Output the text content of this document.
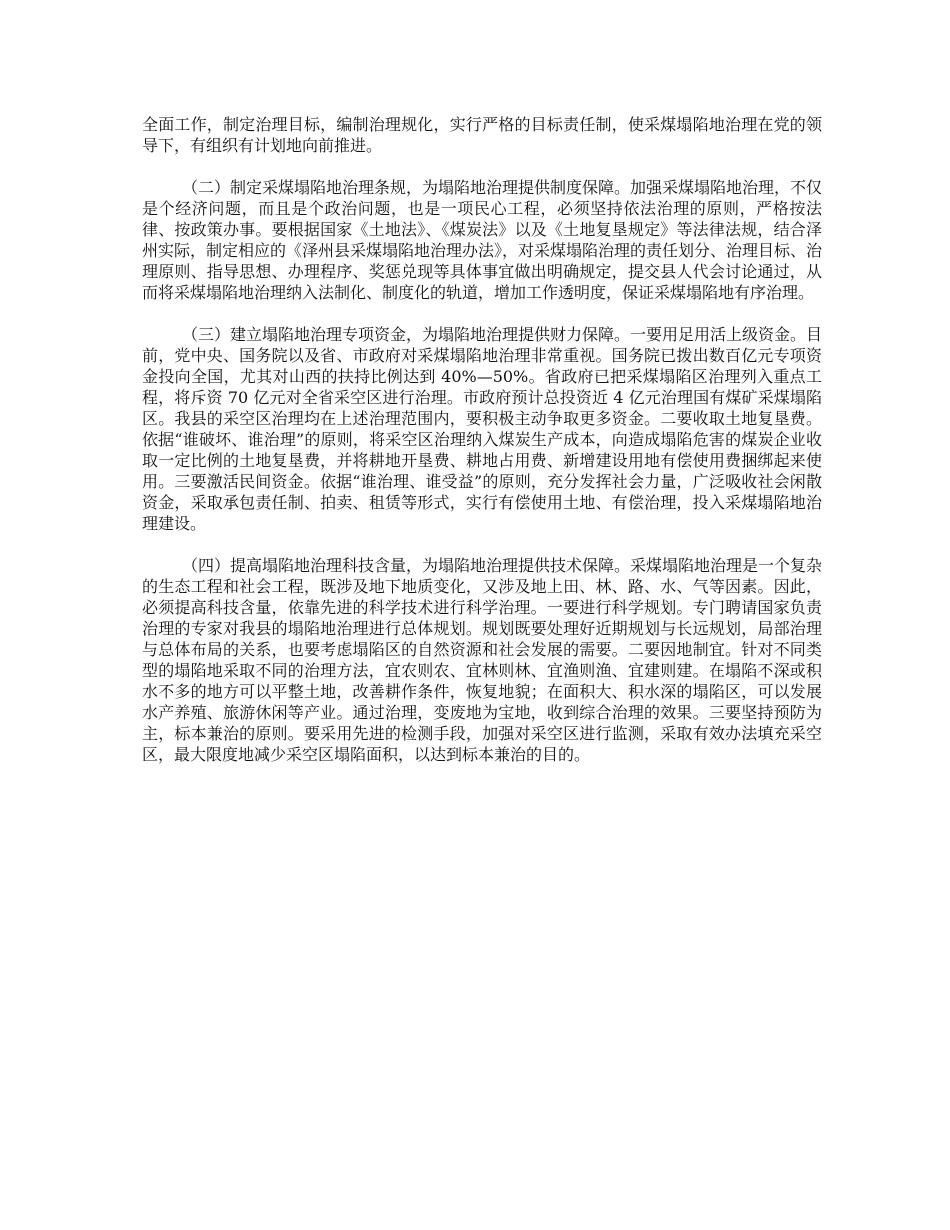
全面工作，制定治理目标，编制治理规化，实行严格的目标责任制，使采煤塌陷地治理在党的领导下，有组织有计划地向前推进。

（二）制定采煤塌陷地治理条规，为塌陷地治理提供制度保障。加强采煤塌陷地治理，不仅是个经济问题，而且是个政治问题，也是一项民心工程，必须坚持依法治理的原则，严格按法律、按政策办事。要根据国家《土地法》、《煤炭法》以及《土地复垦规定》等法律法规，结合泽州实际，制定相应的《泽州县采煤塌陷地治理办法》，对采煤塌陷治理的责任划分、治理目标、治理原则、指导思想、办理程序、奖惩兑现等具体事宜做出明确规定，提交县人代会讨论通过，从而将采煤塌陷地治理纳入法制化、制度化的轨道，增加工作透明度，保证采煤塌陷地有序治理。

（三）建立塌陷地治理专项资金，为塌陷地治理提供财力保障。一要用足用活上级资金。目前，党中央、国务院以及省、市政府对采煤塌陷地治理非常重视。国务院已拨出数百亿元专项资金投向全国，尤其对山西的扶持比例达到 40%—50%。省政府已把采煤塌陷区治理列入重点工程，将斥资 70 亿元对全省采空区进行治理。市政府预计总投资近 4 亿元治理国有煤矿采煤塌陷区。我县的采空区治理均在上述治理范围内，要积极主动争取更多资金。二要收取土地复垦费。依据“谁破坏、谁治理”的原则，将采空区治理纳入煤炭生产成本，向造成塌陷危害的煤炭企业收取一定比例的土地复垦费，并将耕地开垦费、耕地占用费、新增建设用地有偿使用费捆绑起来使用。三要激活民间资金。依据“谁治理、谁受益”的原则，充分发挥社会力量，广泛吸收社会闲散资金，采取承包责任制、拍卖、租赁等形式，实行有偿使用土地、有偿治理，投入采煤塌陷地治理建设。

（四）提高塌陷地治理科技含量，为塌陷地治理提供技术保障。采煤塌陷地治理是一个复杂的生态工程和社会工程，既涉及地下地质变化，又涉及地上田、林、路、水、气等因素。因此，必须提高科技含量，依靠先进的科学技术进行科学治理。一要进行科学规划。专门聘请国家负责治理的专家对我县的塌陷地治理进行总体规划。规划既要处理好近期规划与长远规划，局部治理与总体布局的关系，也要考虑塌陷区的自然资源和社会发展的需要。二要因地制宜。针对不同类型的塌陷地采取不同的治理方法，宜农则农、宜林则林、宜渔则渔、宜建则建。在塌陷不深或积水不多的地方可以平整土地，改善耕作条件，恢复地貌；在面积大、积水深的塌陷区，可以发展水产养殖、旅游休闲等产业。通过治理，变废地为宝地，收到综合治理的效果。三要坚持预防为主，标本兼治的原则。要采用先进的检测手段，加强对采空区进行监测，采取有效办法填充采空区，最大限度地减少采空区塌陷面积，以达到标本兼治的目的。
